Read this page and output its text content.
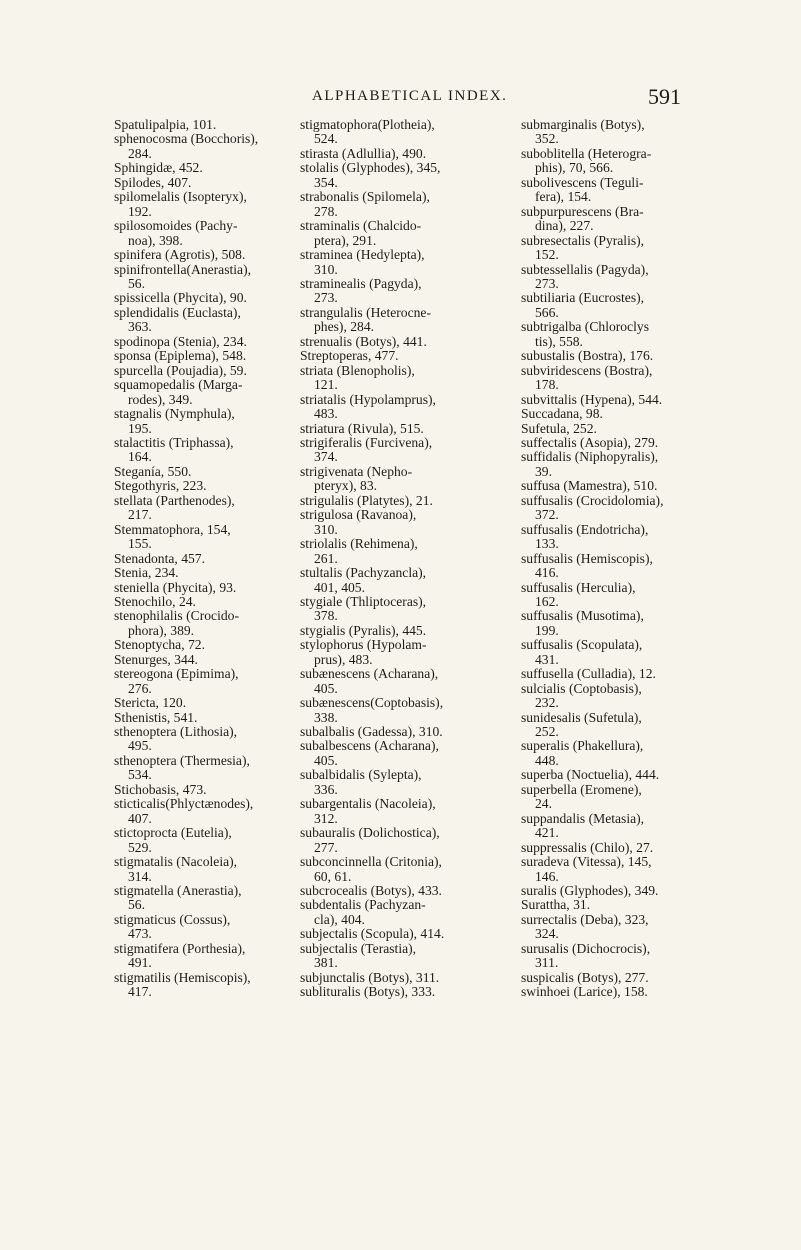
ALPHABETICAL INDEX.	591
Spatulipalpia, 101.
sphenocosma (Bocchoris),
284.
Sphingidæ, 452.
Spilodes, 407.
spilomelalis (Isopteryx),
192.
spilosomoides (Pachy-
noa), 398.
spinifera (Agrotis), 508.
spinifrontella(Anerastia),
56.
spissicella (Phycita), 90.
splendidalis (Euclasta),
363.
spodinopa (Stenia), 234.
sponsa (Epiplema), 548.
spurcella (Poujadia), 59.
squamopedalis (Marga-
rodes), 349.
stagnalis (Nymphula),
195.
stalactitis (Triphassa),
164.
Steganía, 550.
Stegothyris, 223.
stellata (Parthenodes),
217.
Stemmatophora, 154,
155.
Stenadonta, 457.
Stenia, 234.
steniella (Phycita), 93.
Stenochilo, 24.
stenophilalis (Crocido-
phora), 389.
Stenoptycha, 72.
Stenurges, 344.
stereogona (Epimima),
276.
Stericta, 120.
Sthenistis, 541.
sthenoptera (Lithosia),
495.
sthenoptera (Thermesia),
534.
Stichobasis, 473.
sticticalis(Phlyctænodes),
407.
stictoprocta (Eutelia),
529.
stigmatalis (Nacoleia),
314.
stigmatella (Anerastia),
56.
stigmaticus (Cossus),
473.
stigmatifera (Porthesia),
491.
stigmatilis (Hemiscopis),
417.
stigmatophora(Plotheia),
524.
stirasta (Adlullia), 490.
stolalis (Glyphodes), 345,
354.
strabonalis (Spilomela),
278.
straminalis (Chalcido-
ptera), 291.
straminea (Hedylepta),
310.
stramineаlis (Pagyda),
273.
strangulalis (Heterocne-
phes), 284.
strenualis (Botys), 441.
Streptoperas, 477.
striata (Blenopholis),
121.
striatalis (Hypolamprus),
483.
striatura (Rivula), 515.
strigiferalis (Furcivena),
374.
strigivenata (Nepho-
pteryx), 83.
strigulalis (Platytes), 21.
strigulosa (Ravanoa),
310.
striolalis (Rehimena),
261.
stultalis (Pachyzancla),
401, 405.
stygiale (Thliptoceras),
378.
stygialis (Pyralis), 445.
stylophorus (Hypolam-
prus), 483.
subænescens (Acharana),
405.
subænescens(Coptobasis),
338.
subalbalis (Gadessa), 310.
subalbescens (Acharana),
405.
subalbidalis (Sylepta),
336.
subargentalis (Nacoleia),
312.
subauralis (Dolichostica),
277.
subconcinnella (Critonia),
60, 61.
subcrocealis (Botys), 433.
subdentalis (Pachyzan-
cla), 404.
subjectalis (Scopula), 414.
subjectalis (Terastia),
381.
subjunctalis (Botys), 311.
sublituralis (Botys), 333.
submarginalis (Botys),
352.
suboblitella (Heterogra-
phis), 70, 566.
subolivescens (Teguli-
fera), 154.
subpurpurescens (Bra-
dina), 227.
subresectalis (Pyralis),
152.
subtessellalis (Pagyda),
273.
subtiliaria (Eucrostes),
566.
subtrigalba (Chloroclys
tis), 558.
subustalis (Bostra), 176.
subviridescens (Bostra),
178.
subvittalis (Hypena), 544.
Succadana, 98.
Sufetula, 252.
suffectalis (Asopia), 279.
suffidalis (Niphopyralis),
39.
suffusa (Mamestra), 510.
suffusalis (Crocidolomia),
372.
suffusalis (Endotricha),
133.
suffusalis (Hemiscopis),
416.
suffusalis (Herculia),
162.
suffusalis (Musotima),
199.
suffusalis (Scopulata),
431.
suffusella (Culladia), 12.
sulcialis (Coptobasis),
232.
sunidesalis (Sufetula),
252.
superalis (Phakellura),
448.
superba (Noctuelia), 444.
superbella (Eromene),
24.
suppandalis (Metasia),
421.
suppressalis (Chilo), 27.
suradeva (Vitessa), 145,
146.
suralis (Glyphodes), 349.
Surattha, 31.
surrectalis (Deba), 323,
324.
surusalis (Dichocrocis),
311.
suspicalis (Botys), 277.
swinhoei (Larice), 158.
